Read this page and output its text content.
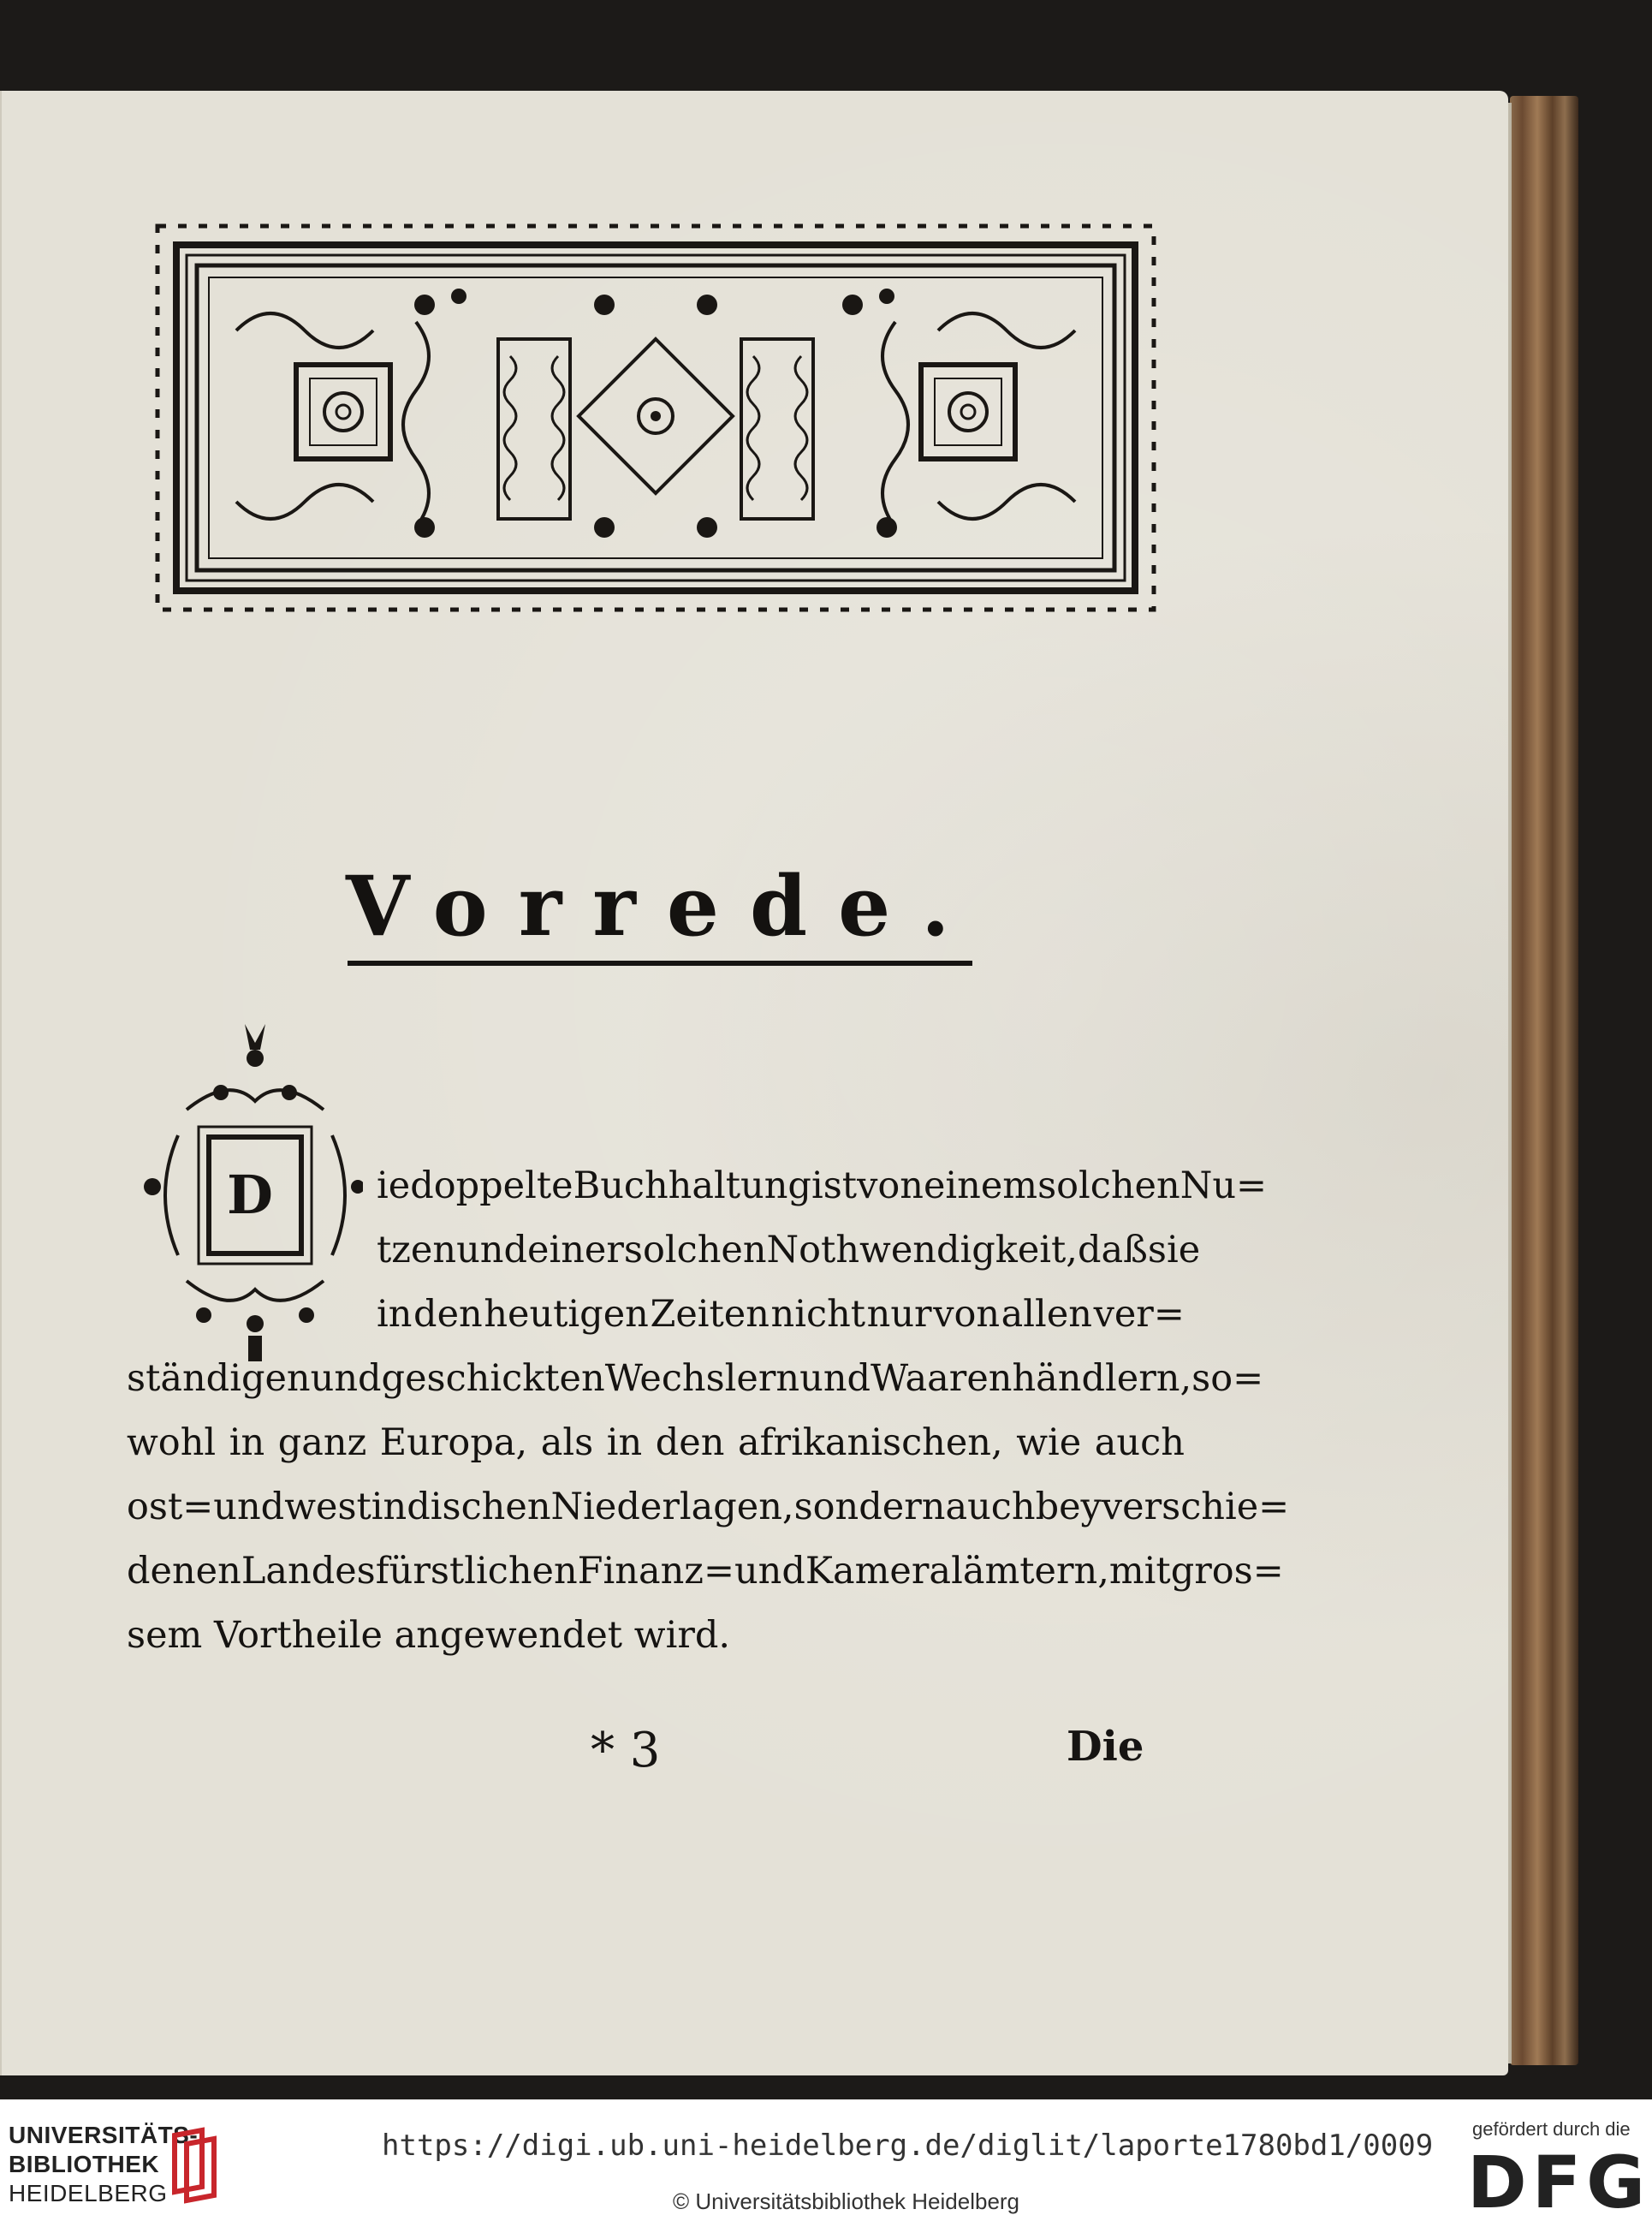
Vorrede.
D	ie doppelte Buchhaltung ist von einem solchen Nu=
tzen und einer solchen Nothwendigkeit, daß sie
in den heutigen Zeiten nicht nur von allen ver=
ständigen und geschickten Wechslern und Waarenhändlern, so=
wohl in ganz Europa, als in den afrikanischen, wie auch
ost = und westindischen Niederlagen, sondern auch bey verschie=
denen Landesfürstlichen Finanz=und Kameralämtern, mit gros=
sem
Vortheile
angewendet
wird.
* 3	Die
UNIVERSITÄTS-
BIBLIOTHEK
HEIDELBERG
https://digi.ub.uni-heidelberg.de/diglit/laporte1780bd1/0009
© Universitätsbibliothek Heidelberg
gefördert durch die
DFG
